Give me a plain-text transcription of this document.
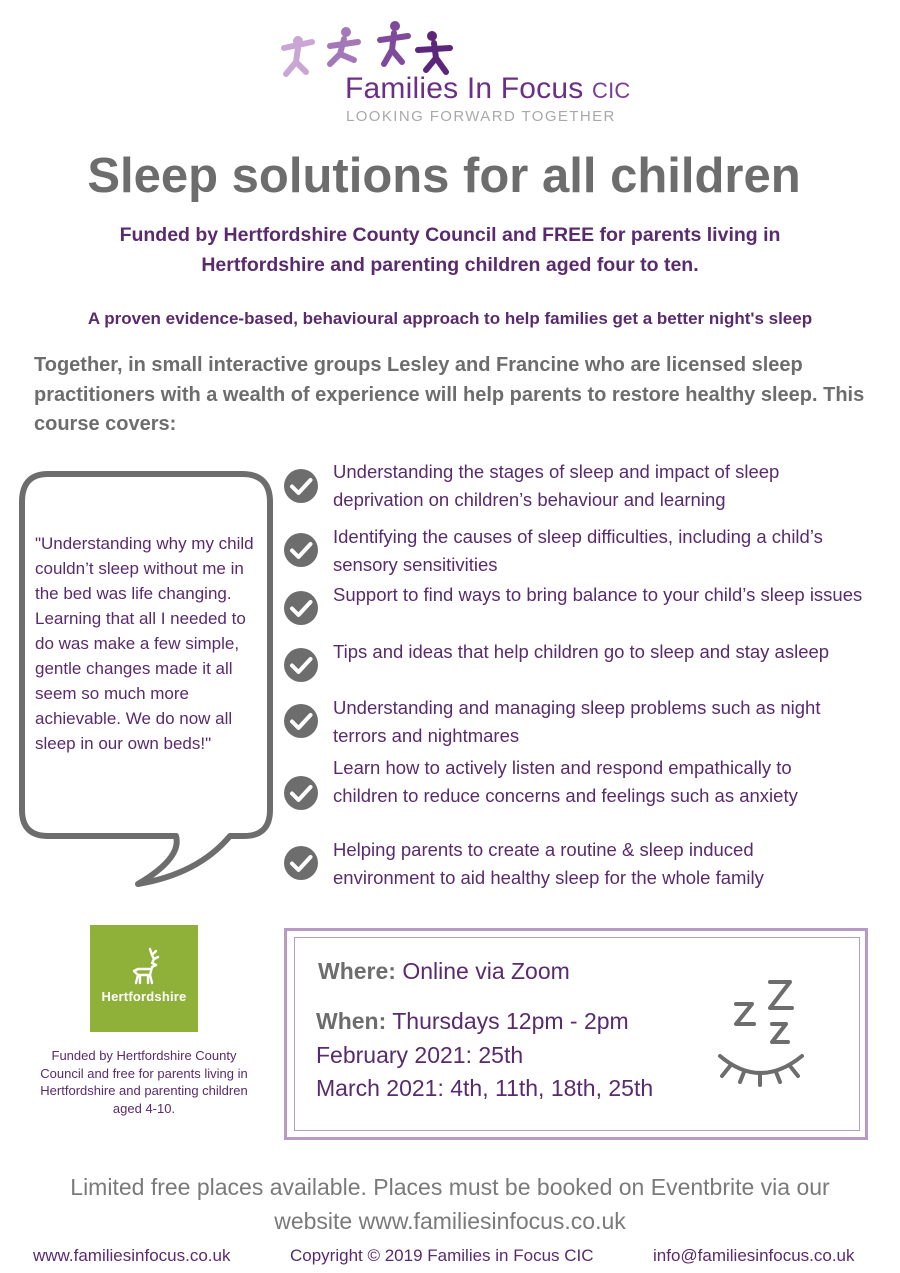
Families In Focus CIC
LOOKING FORWARD TOGETHER
Sleep solutions for all children
Funded by Hertfordshire County Council and FREE for parents living in Hertfordshire and parenting children aged four to ten.
A proven evidence-based, behavioural approach to help families get a better night's sleep
Together, in small interactive groups Lesley and Francine who are licensed sleep practitioners with a wealth of experience will help parents to restore healthy sleep. This course covers:
"Understanding why my child couldn’t sleep without me in the bed was life changing. Learning that all I needed to do was make a few simple, gentle changes made it all seem so much more achievable. We do now all sleep in our own beds!"
Understanding the stages of sleep and impact of sleep deprivation on children’s behaviour and learning
Identifying the causes of sleep difficulties, including a child’s sensory sensitivities
Support to find ways to bring balance to your child’s sleep issues
Tips and ideas that help children go to sleep and stay asleep
Understanding and managing sleep problems such as night terrors and nightmares
Learn how to actively listen and respond empathically to children to reduce concerns and feelings such as anxiety
Helping parents to create a routine & sleep induced environment to aid healthy sleep for the whole family
Hertfordshire
Funded by Hertfordshire County Council and free for parents living in Hertfordshire and parenting children aged 4-10.
Where: Online via Zoom
When: Thursdays 12pm - 2pm
February 2021: 25th
March 2021: 4th, 11th, 18th, 25th
Limited free places available. Places must be booked on Eventbrite via our website www.familiesinfocus.co.uk
www.familiesinfocus.co.uk	Copyright © 2019 Families in Focus CIC	info@familiesinfocus.co.uk
